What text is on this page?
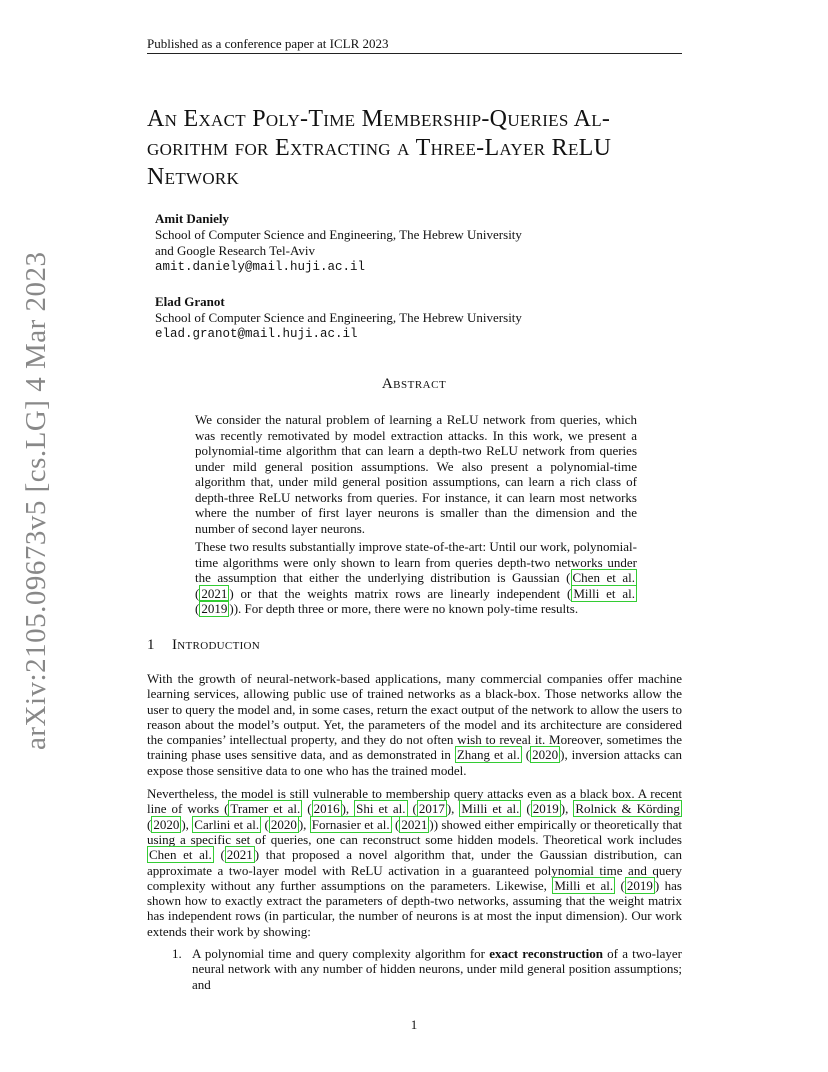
arXiv:2105.09673v5 [cs.LG] 4 Mar 2023
Published as a conference paper at ICLR 2023
An Exact Poly-Time Membership-Queries Al-
gorithm for Extracting a Three-Layer ReLU
Network
Amit Daniely
School of Computer Science and Engineering, The Hebrew University
and Google Research Tel-Aviv
amit.daniely@mail.huji.ac.il
Elad Granot
School of Computer Science and Engineering, The Hebrew University
elad.granot@mail.huji.ac.il
Abstract

We consider the natural problem of learning a ReLU network from queries, which was recently remotivated by model extraction attacks. In this work, we present a polynomial-time algorithm that can learn a depth-two ReLU network from queries under mild general position assumptions. We also present a polynomial-time algorithm that, under mild general position assumptions, can learn a rich class of depth-three ReLU networks from queries. For instance, it can learn most networks where the number of first layer neurons is smaller than the dimension and the number of second layer neurons.

These two results substantially improve state-of-the-art: Until our work, polynomial-time algorithms were only shown to learn from queries depth-two networks under the assumption that either the underlying distribution is Gaussian ( Chen et al. ( 2021 ) or that the weights matrix rows are linearly independent ( Milli et al. ( 2019 )). For depth three or more, there were no known poly-time results.

1 Introduction

With the growth of neural-network-based applications, many commercial companies offer machine learning services, allowing public use of trained networks as a black-box. Those networks allow the user to query the model and, in some cases, return the exact output of the network to allow the users to reason about the model’s output. Yet, the parameters of the model and its architecture are considered the companies’ intellectual property, and they do not often wish to reveal it. Moreover, sometimes the training phase uses sensitive data, and as demonstrated in Zhang et al. ( 2020 ), inversion attacks can expose those sensitive data to one who has the trained model.

Nevertheless, the model is still vulnerable to membership query attacks even as a black box. A recent line of works ( Tramer et al. ( 2016 ), Shi et al. ( 2017 ), Milli et al. ( 2019 ), Rolnick & Körding ( 2020 ), Carlini et al. ( 2020 ), Fornasier et al. ( 2021 )) showed either empirically or theoretically that using a specific set of queries, one can reconstruct some hidden models. Theoretical work includes Chen et al. ( 2021 ) that proposed a novel algorithm that, under the Gaussian distribution, can approximate a two-layer model with ReLU activation in a guaranteed polynomial time and query complexity without any further assumptions on the parameters. Likewise, Milli et al. ( 2019 ) has shown how to exactly extract the parameters of depth-two networks, assuming that the weight matrix has independent rows (in particular, the number of neurons is at most the input dimension). Our work extends their work by showing:

1. A polynomial time and query complexity algorithm for exact reconstruction of a two-layer neural network with any number of hidden neurons, under mild general position assumptions; and
1
